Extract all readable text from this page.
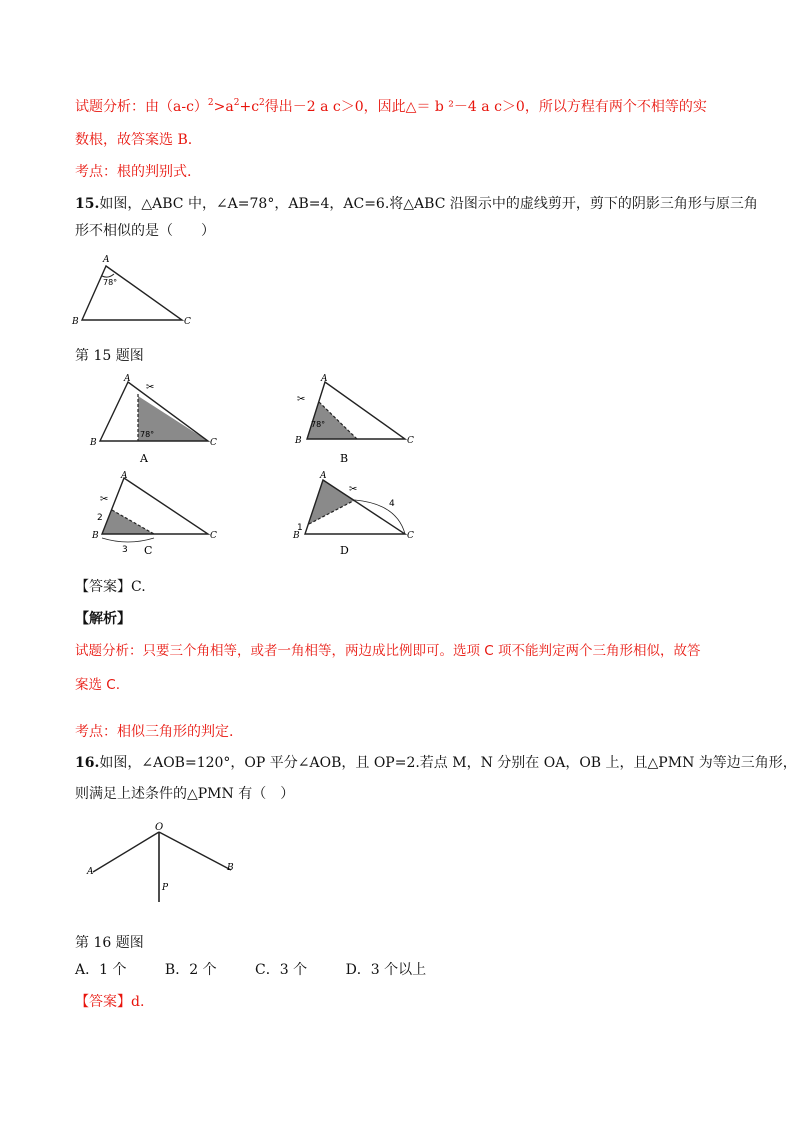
试题分析：由$(a-c)^2>a^2+c^2$得出－2 a c＞0，因此△＝ b ²－4 a c＞0，所以方程有两个不相等的实
数根，故答案选 B.
考点：根的判别式.
15.如图，△ABC 中，∠A=78°，AB=4，AC=6.将△ABC 沿图示中的虚线剪开，剪下的阴影三角形与原三角
形不相似的是（　　）
A
B	C
78°
第 15 题图
✂
A
B	C
78°
A
✂
A
B	C
78°
B
✂
A
B	C
2
3 C
✂
A
B	C
1
4
D
【答案】C.
【解析】
试题分析：只要三个角相等，或者一角相等，两边成比例即可。选项 C 项不能判定两个三角形相似，故答
案选 C.
考点：相似三角形的判定.
16.如图，∠AOB=120°，OP 平分∠AOB，且 OP=2.若点 M，N 分别在 OA，OB 上，且△PMN 为等边三角形，
则满足上述条件的△PMN 有（　）
O
A	B
P
第 16 题图
A．1 个	B．2 个	C．3 个	D．3 个以上
【答案】d.
